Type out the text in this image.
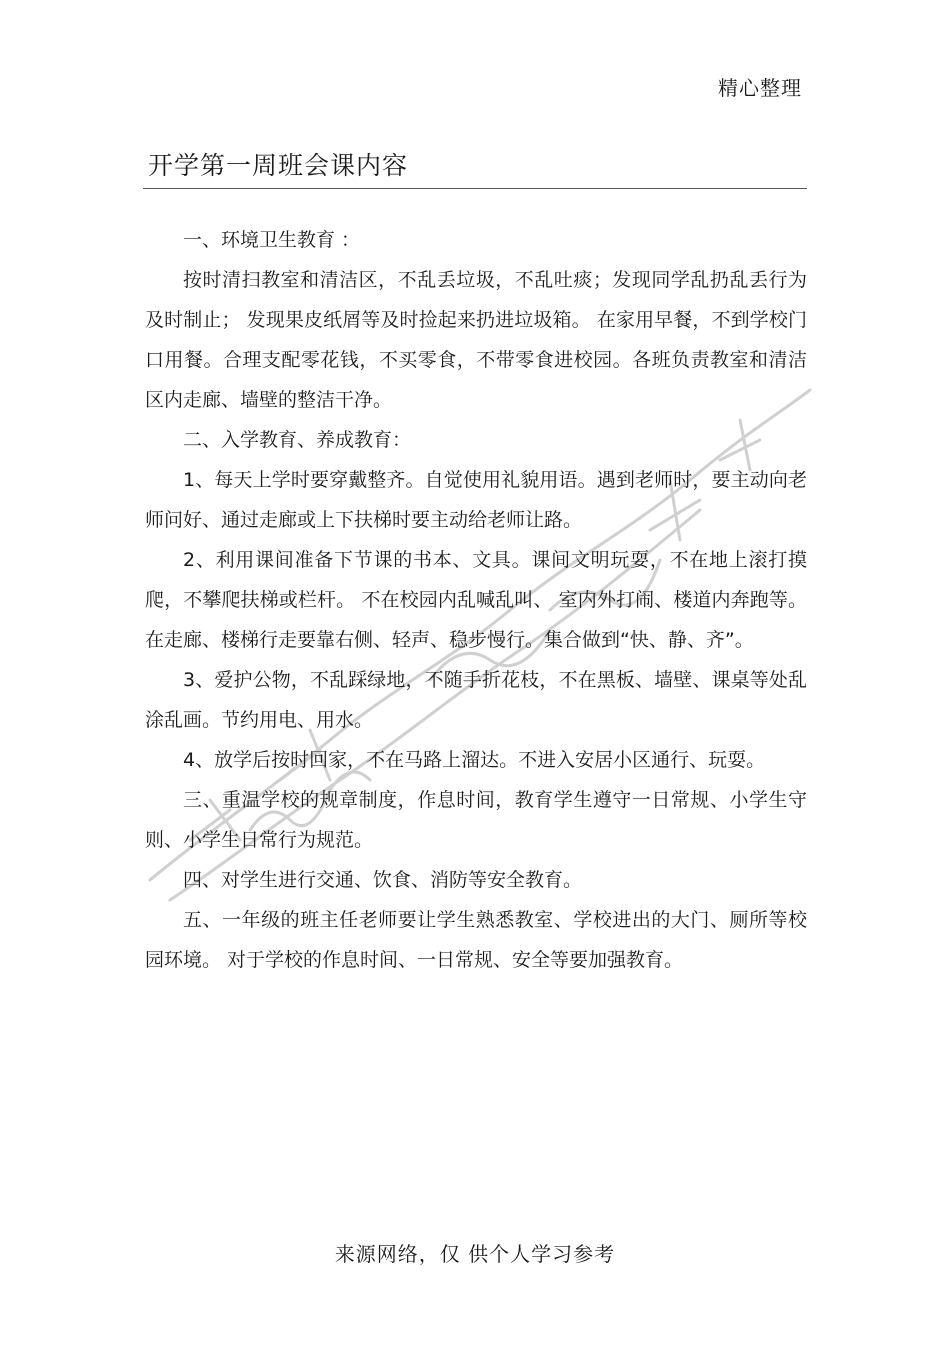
精心整理
开学第一周班会课内容

一、环境卫生教育 ：

按时清扫教室和清洁区，不乱丢垃圾，不乱吐痰；发现同学乱扔乱丢行为及时制止； 发现果皮纸屑等及时捡起来扔进垃圾箱。 在家用早餐，不到学校门口用餐。合理支配零花钱，不买零食，不带零食进校园。各班负责教室和清洁区内走廊、墙壁的整洁干净。

二、入学教育、养成教育：

1、每天上学时要穿戴整齐。自觉使用礼貌用语。遇到老师时，要主动向老师问好、通过走廊或上下扶梯时要主动给老师让路。

2、利用课间准备下节课的书本、文具。课间文明玩耍，不在地上滚打摸爬，不攀爬扶梯或栏杆。 不在校园内乱喊乱叫、 室内外打闹、楼道内奔跑等。在走廊、楼梯行走要靠右侧、轻声、稳步慢行。集合做到“快、静、齐”。

3、爱护公物，不乱踩绿地，不随手折花枝，不在黑板、墙壁、课桌等处乱涂乱画。节约用电、用水。

4、放学后按时回家，不在马路上溜达。不进入安居小区通行、玩耍。

三、重温学校的规章制度，作息时间，教育学生遵守一日常规、小学生守则、小学生日常行为规范。

四、对学生进行交通、饮食、消防等安全教育。

五、一年级的班主任老师要让学生熟悉教室、学校进出的大门、厕所等校园环境。 对于学校的作息时间、一日常规、安全等要加强教育。

来源网络，仅 供个人学习参考
